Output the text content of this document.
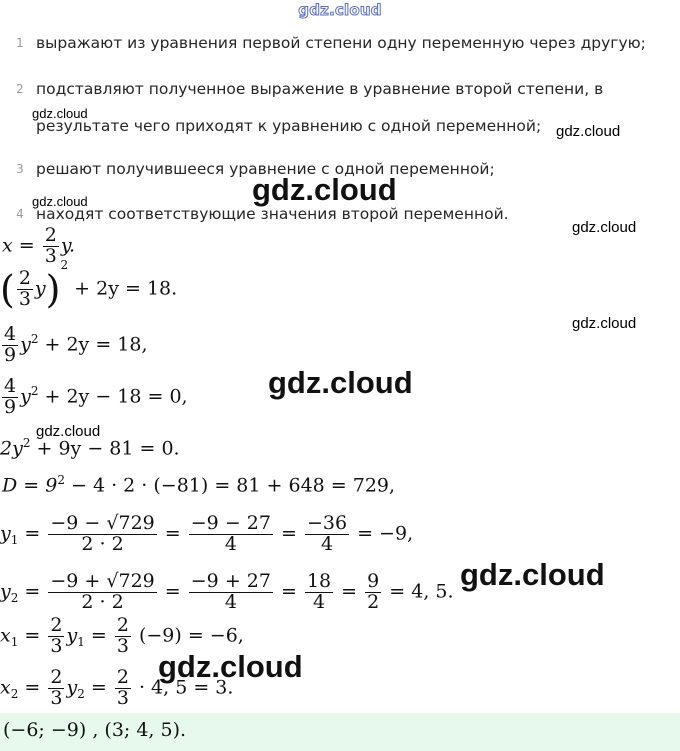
gdz.cloud
1 выражают из уравнения первой степени одну переменную через другую;
2 подставляют полученное выражение в уравнение второй степени, в
результате чего приходят к уравнению с одной переменной;
3 решают получившееся уравнение с одной переменной;
4 находят соответствующие значения второй переменной.
$x = \frac{2}{3} y$.
( $\frac{2}{3} y)^2 + 2y = 18$.
$\frac{4}{9} y^2 + 2y = 18$,
$\frac{4}{9} y^2 + 2y - 18 = 0$,
$2y^2 + 9y - 81 = 0$.
$D = 9^2 - 4 \cdot 2 \cdot (-81) = 81 + 648 = 729$,
$y_1 = \frac{-9 - √729}{2 \cdot 2} = \frac{-9 - 27}{4} = \frac{-36}{4} = -9$,
$y_2 = \frac{-9 + √729}{2 \cdot 2} = \frac{-9 + 27}{4} = \frac{18}{4} = \frac{9}{2} = 4$, 5.
$x_1 = \frac{2}{3} y_1 = \frac{2}{3} (-9) = -6$,
$x_2 = \frac{2}{3} y_2 = \frac{2}{3} \cdot 4$, 5 = 3.
(−6; −9) , (3; 4, 5).
gdz.cloud
gdz.cloud
gdz.cloud
gdz.cloud
gdz.cloud
gdz.cloud
gdz.cloud
gdz.cloud
gdz.cloud
gdz.cloud
